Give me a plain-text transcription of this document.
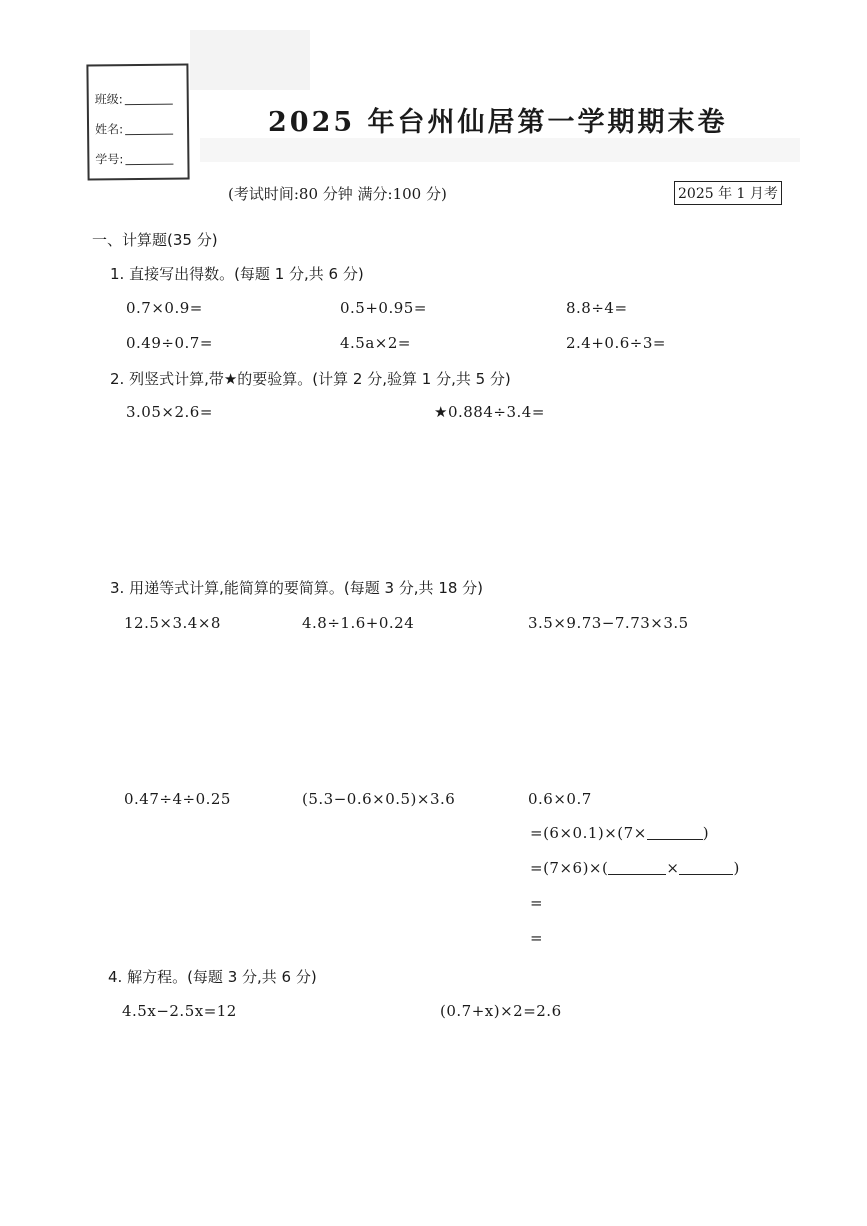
班级:
姓名:
学号:
2025 年台州仙居第一学期期末卷
(考试时间:80 分钟 满分:100 分)	2025 年 1 月考
一、计算题(35 分)
1. 直接写出得数。(每题 1 分,共 6 分)
0.7×0.9=	0.5+0.95=	8.8÷4=
0.49÷0.7=	4.5a×2=	2.4+0.6÷3=
2. 列竖式计算,带★的要验算。(计算 2 分,验算 1 分,共 5 分)
3.05×2.6=	★0.884÷3.4=
3. 用递等式计算,能简算的要简算。(每题 3 分,共 18 分)
12.5×3.4×8	4.8÷1.6+0.24	3.5×9.73−7.73×3.5
0.47÷4÷0.25	(5.3−0.6×0.5)×3.6	0.6×0.7
=(6×0.1)×(7×	)
=(7×6)×(	×	)
=
=
4. 解方程。(每题 3 分,共 6 分)
4.5x−2.5x=12	(0.7+x)×2=2.6
